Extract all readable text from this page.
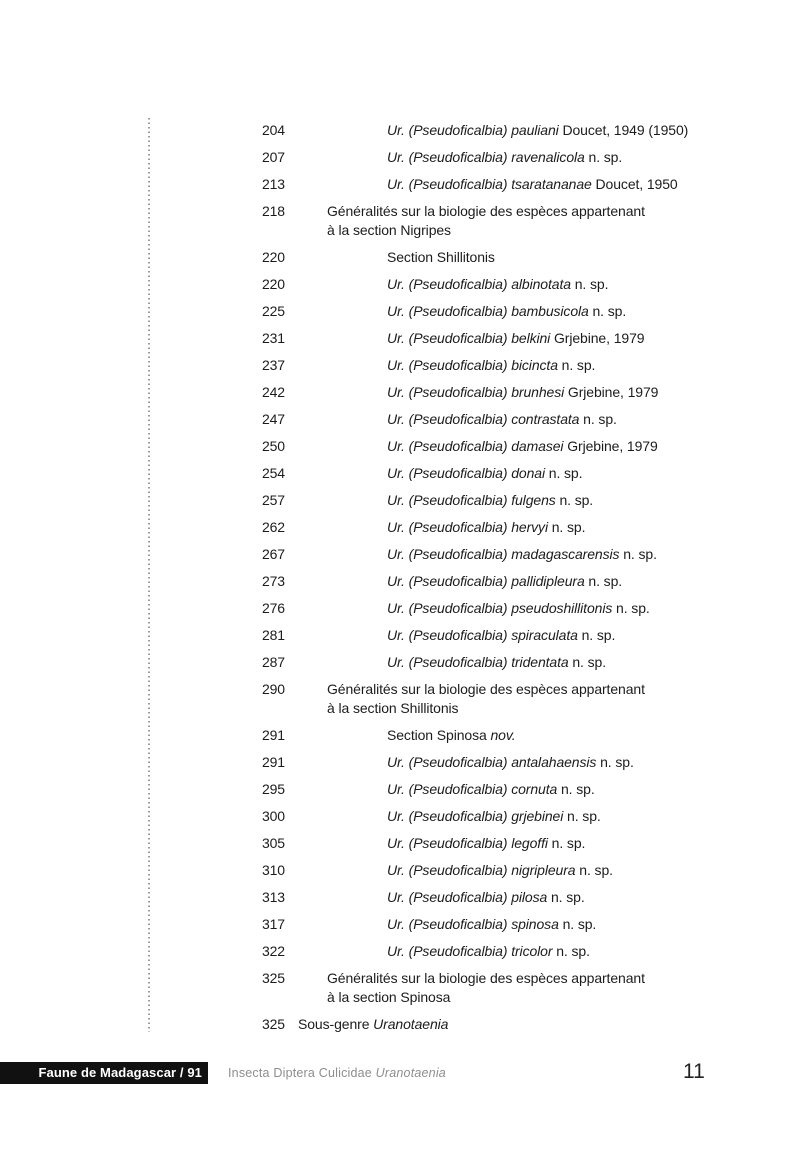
204	Ur. (Pseudoficalbia) pauliani Doucet, 1949 (1950)
207	Ur. (Pseudoficalbia) ravenalicola n. sp.
213	Ur. (Pseudoficalbia) tsaratananae Doucet, 1950
218	Généralités sur la biologie des espèces appartenant
à la section Nigripes
220	Section Shillitonis
220	Ur. (Pseudoficalbia) albinotata n. sp.
225	Ur. (Pseudoficalbia) bambusicola n. sp.
231	Ur. (Pseudoficalbia) belkini Grjebine, 1979
237	Ur. (Pseudoficalbia) bicincta n. sp.
242	Ur. (Pseudoficalbia) brunhesi Grjebine, 1979
247	Ur. (Pseudoficalbia) contrastata n. sp.
250	Ur. (Pseudoficalbia) damasei Grjebine, 1979
254	Ur. (Pseudoficalbia) donai n. sp.
257	Ur. (Pseudoficalbia) fulgens n. sp.
262	Ur. (Pseudoficalbia) hervyi n. sp.
267	Ur. (Pseudoficalbia) madagascarensis n. sp.
273	Ur. (Pseudoficalbia) pallidipleura n. sp.
276	Ur. (Pseudoficalbia) pseudoshillitonis n. sp.
281	Ur. (Pseudoficalbia) spiraculata n. sp.
287	Ur. (Pseudoficalbia) tridentata n. sp.
290	Généralités sur la biologie des espèces appartenant
à la section Shillitonis
291	Section Spinosa nov.
291	Ur. (Pseudoficalbia) antalahaensis n. sp.
295	Ur. (Pseudoficalbia) cornuta n. sp.
300	Ur. (Pseudoficalbia) grjebinei n. sp.
305	Ur. (Pseudoficalbia) legoffi n. sp.
310	Ur. (Pseudoficalbia) nigripleura n. sp.
313	Ur. (Pseudoficalbia) pilosa n. sp.
317	Ur. (Pseudoficalbia) spinosa n. sp.
322	Ur. (Pseudoficalbia) tricolor n. sp.
325	Généralités sur la biologie des espèces appartenant
à la section Spinosa
325 Sous-genre Uranotaenia
Faune de Madagascar / 91	Insecta Diptera Culicidae Uranotaenia	11
